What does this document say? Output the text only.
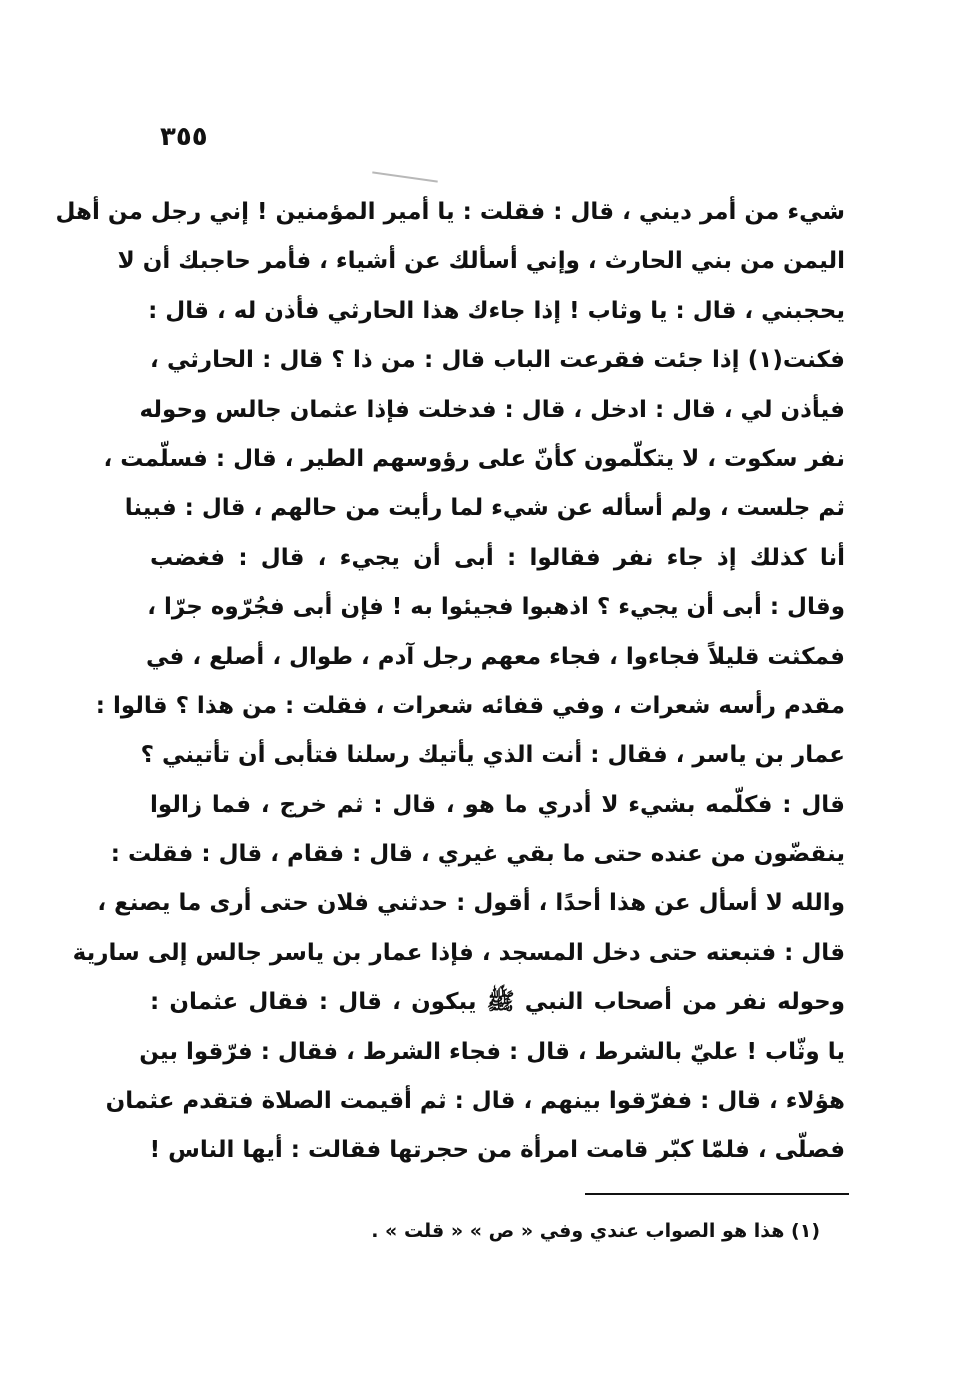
٣٥٥
شيء من أمر ديني ، قال : فقلت : يا أمير المؤمنين ! إني رجل من أهل
اليمن من بني الحارث ، وإني أسألك عن أشياء ، فأمر حاجبك أن لا
يحجبني ، قال : يا وثاب ! إذا جاءك هذا الحارثي فأذن له ، قال :
فكنت(١) إذا جئت فقرعت الباب قال : من ذا ؟ قال : الحارثي ،
فيأذن لي ، قال : ادخل ، قال : فدخلت فإذا عثمان جالس وحوله
نفر سكوت ، لا يتكلّمون كأنّ على رؤوسهم الطير ، قال : فسلّمت ،
ثم جلست ، ولم أسأله عن شيء لما رأيت من حالهم ، قال : فبينا
أنا كذلك إذ جاء نفر فقالوا : أبى أن يجيء ، قال : فغضب
وقال : أبى أن يجيء ؟ اذهبوا فجيئوا به ! فإن أبى فجُرّوه جرّا ،
فمكثت قليلاً فجاءوا ، فجاء معهم رجل آدم ، طوال ، أصلع ، في
مقدم رأسه شعرات ، وفي قفائه شعرات ، فقلت : من هذا ؟ قالوا :
عمار بن ياسر ، فقال : أنت الذي يأتيك رسلنا فتأبى أن تأتيني ؟
قال : فكلّمه بشيء لا أدري ما هو ، قال : ثم خرج ، فما زالوا
ينقضّون من عنده حتى ما بقي غيري ، قال : فقام ، قال : فقلت :
والله لا أسأل عن هذا أحدًا ، أقول : حدثني فلان حتى أرى ما يصنع ،
قال : فتبعته حتى دخل المسجد ، فإذا عمار بن ياسر جالس إلى سارية
وحوله نفر من أصحاب النبي ﷺ يبكون ، قال : فقال عثمان :
يا وثّاب ! عليّ بالشرط ، قال : فجاء الشرط ، فقال : فرّقوا بين
هؤلاء ، قال : ففرّقوا بينهم ، قال : ثم أقيمت الصلاة فتقدم عثمان
فصلّى ، فلمّا كبّر قامت امرأة من حجرتها فقالت : أيها الناس !
(١) هذا هو الصواب عندي وفي « ص » « قلت » .
